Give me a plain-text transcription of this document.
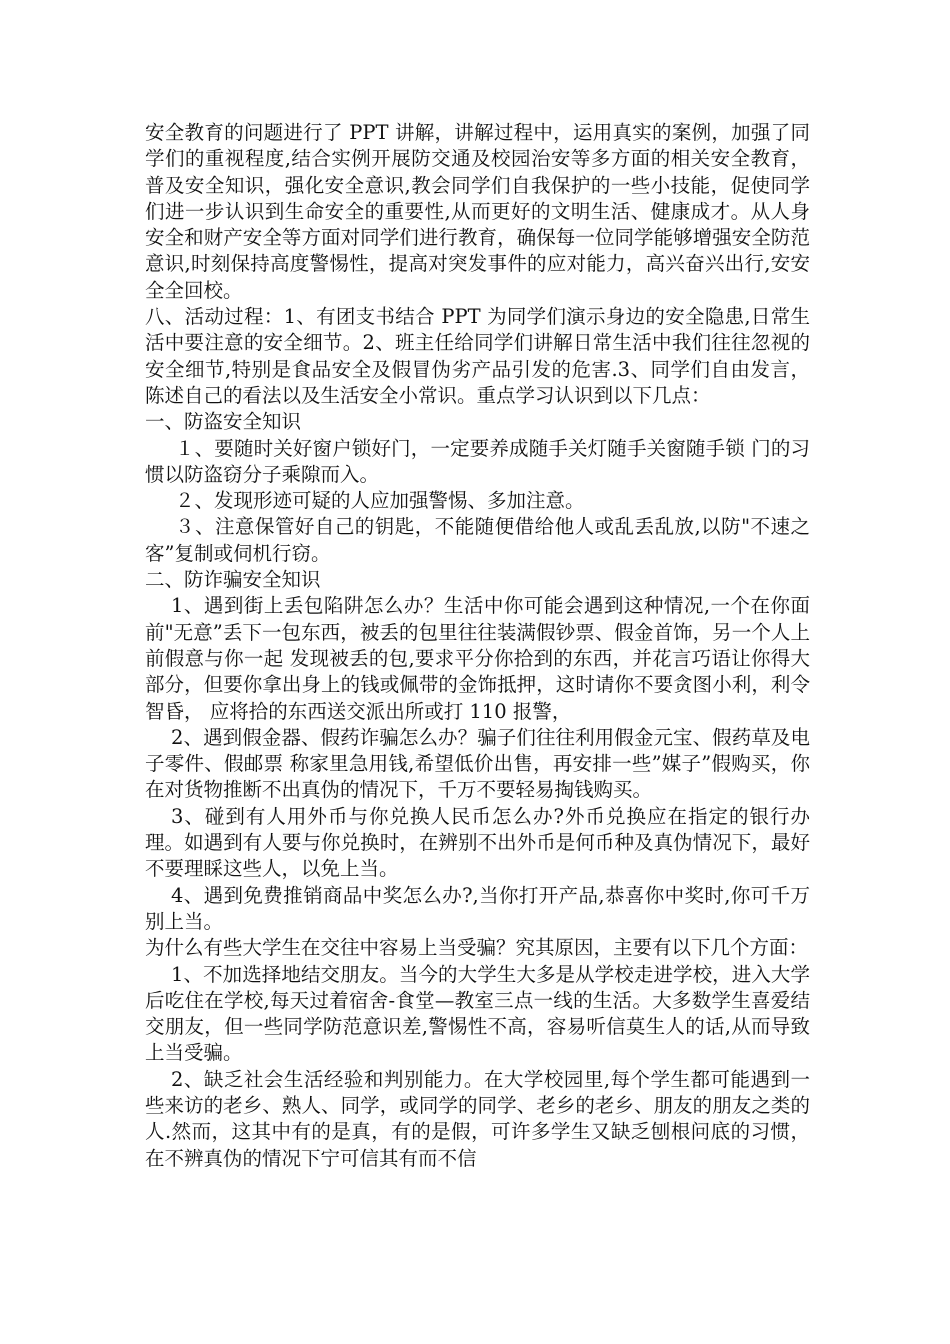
安全教育的问题进行了 PPT 讲解，讲解过程中，运用真实的案例，加强了同学们的重视程度,结合实例开展防交通及校园治安等多方面的相关安全教育，普及安全知识，强化安全意识,教会同学们自我保护的一些小技能，促使同学们进一步认识到生命安全的重要性,从而更好的文明生活、健康成才。从人身安全和财产安全等方面对同学们进行教育，确保每一位同学能够增强安全防范意识,时刻保持高度警惕性，提高对突发事件的应对能力，高兴奋兴出行,安安全全回校。

八、活动过程：1、有团支书结合 PPT 为同学们演示身边的安全隐患,日常生活中要注意的安全细节。2、班主任给同学们讲解日常生活中我们往往忽视的安全细节,特别是食品安全及假冒伪劣产品引发的危害.3、同学们自由发言，陈述自己的看法以及生活安全小常识。重点学习认识到以下几点：

一、防盗安全知识

１、要随时关好窗户锁好门，一定要养成随手关灯随手关窗随手锁 门的习惯以防盗窃分子乘隙而入。

２、发现形迹可疑的人应加强警惕、多加注意。

３、注意保管好自己的钥匙，不能随便借给他人或乱丢乱放,以防"不速之客”复制或伺机行窃。

二、防诈骗安全知识

1、遇到街上丢包陷阱怎么办？生活中你可能会遇到这种情况,一个在你面前"无意”丢下一包东西，被丢的包里往往装满假钞票、假金首饰，另一个人上前假意与你一起 发现被丢的包,要求平分你拾到的东西，并花言巧语让你得大部分，但要你拿出身上的钱或佩带的金饰抵押，这时请你不要贪图小利，利令智昏， 应将拾的东西送交派出所或打 110 报警，

2、遇到假金器、假药诈骗怎么办？骗子们往往利用假金元宝、假药草及电子零件、假邮票 称家里急用钱,希望低价出售，再安排一些”媒子”假购买，你在对货物推断不出真伪的情况下，千万不要轻易掏钱购买。

3、碰到有人用外币与你兑换人民币怎么办?外币兑换应在指定的银行办理。如遇到有人要与你兑换时，在辨别不出外币是何币种及真伪情况下，最好不要理睬这些人，以免上当。

4、遇到免费推销商品中奖怎么办?,当你打开产品,恭喜你中奖时,你可千万别上当。

为什么有些大学生在交往中容易上当受骗？究其原因，主要有以下几个方面：

1、不加选择地结交朋友。当今的大学生大多是从学校走进学校，进入大学后吃住在学校,每天过着宿舍-食堂—教室三点一线的生活。大多数学生喜爱结交朋友，但一些同学防范意识差,警惕性不高，容易听信莫生人的话,从而导致上当受骗。

2、缺乏社会生活经验和判别能力。在大学校园里,每个学生都可能遇到一些来访的老乡、熟人、同学，或同学的同学、老乡的老乡、朋友的朋友之类的人.然而，这其中有的是真，有的是假，可许多学生又缺乏刨根问底的习惯，在不辨真伪的情况下宁可信其有而不信
